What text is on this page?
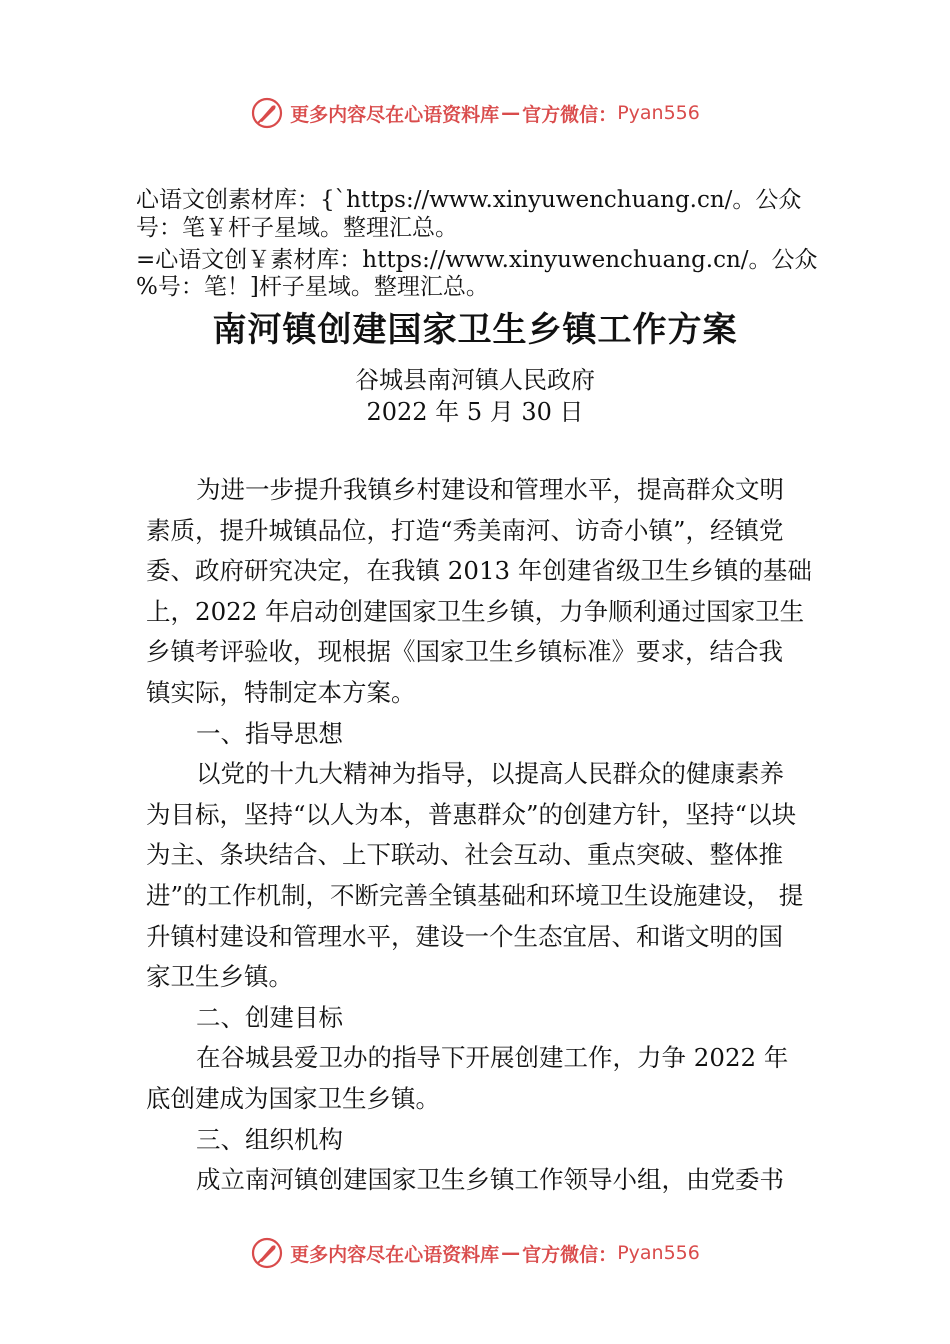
更多内容尽在心语资料库 — 官方微信： Pyan556
心语文创素材库：{`https://www.xinyuwenchuang.cn/。公众
号：笔￥杆子星域。整理汇总。
=心语文创￥素材库：https://www.xinyuwenchuang.cn/。公众
%号：笔！]杆子星域。整理汇总。
南河镇创建国家卫生乡镇工作方案
谷城县南河镇人民政府
2022 年 5 月 30 日
为进一步提升我镇乡村建设和管理水平，提高群众文明
素质，提升城镇品位，打造“秀美南河、访奇小镇”，经镇党
委、政府研究决定，在我镇 2013 年创建省级卫生乡镇的基础
上，2022 年启动创建国家卫生乡镇，力争顺利通过国家卫生
乡镇考评验收，现根据《国家卫生乡镇标准》要求，结合我
镇实际，特制定本方案。
一、指导思想
以党的十九大精神为指导，以提高人民群众的健康素养
为目标，坚持“以人为本，普惠群众”的创建方针，坚持“以块
为主、条块结合、上下联动、社会互动、重点突破、整体推
进”的工作机制，不断完善全镇基础和环境卫生设施建设， 提
升镇村建设和管理水平，建设一个生态宜居、和谐文明的国
家卫生乡镇。
二、创建目标
在谷城县爱卫办的指导下开展创建工作，力争 2022 年
底创建成为国家卫生乡镇。
三、组织机构
成立南河镇创建国家卫生乡镇工作领导小组，由党委书
更多内容尽在心语资料库 — 官方微信： Pyan556
